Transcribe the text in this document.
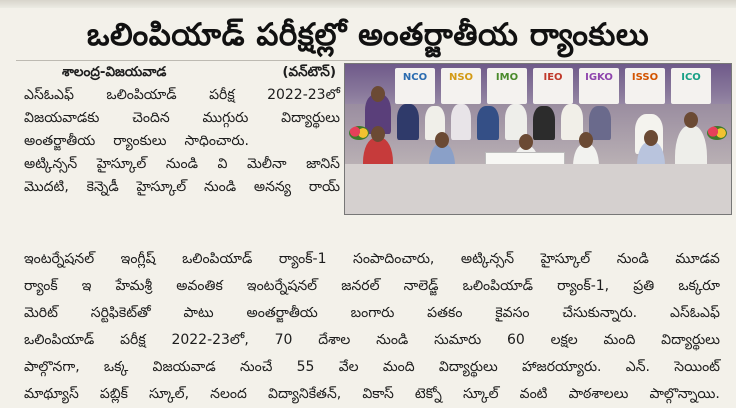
ఒలింపియాడ్ పరీక్షల్లో అంతర్జాతీయ ర్యాంకులు
శాలంద్ర-విజయవాడ	(వన్‌టౌన్)
ఎస్‌ఓఎఫ్ ఒలింపియాడ్ పరీక్ష 2022-23లో
విజయవాడకు చెందిన ముగ్గురు విద్యార్థులు
అంతర్జాతీయ ర్యాంకులు సాధించారు.
అట్కిన్సన్ హైస్కూల్ నుండి వి మెలీనా జానిస్
మొదటి, కెన్నెడీ హైస్కూల్ నుండి అనన్య రాయ్
NCO	NSO	IMO	IEO	IGKO	ISSO	ICO
ఇంటర్నేషనల్ ఇంగ్లీష్ ఒలింపియాడ్ ర్యాంక్-1 సంపాదించారు, అట్కిన్సన్ హైస్కూల్ నుండి మూడవ
ర్యాంక్ ఇ హేమశ్రీ అవంతిక ఇంటర్నేషనల్ జనరల్ నాలెడ్జ్ ఒలింపియాడ్ ర్యాంక్-1, ప్రతి ఒక్కరూ
మెరిట్ సర్టిఫికెట్‌తో పాటు అంతర్జాతీయ బంగారు పతకం కైవసం చేసుకున్నారు. ఎస్‌ఓఎఫ్
ఒలింపియాడ్ పరీక్ష 2022-23లో, 70 దేశాల నుండి సుమారు 60 లక్షల మంది విద్యార్థులు
పాల్గొనగా, ఒక్క విజయవాడ నుంచే 55 వేల మంది విద్యార్థులు హాజరయ్యారు. ఎన్. సెయింట్
మాథ్యూస్ పబ్లిక్ స్కూల్, నలంద విద్యానికేతన్, వికాస్ టెక్నో స్కూల్ వంటి పాఠశాలలు పాల్గొన్నాయి.
